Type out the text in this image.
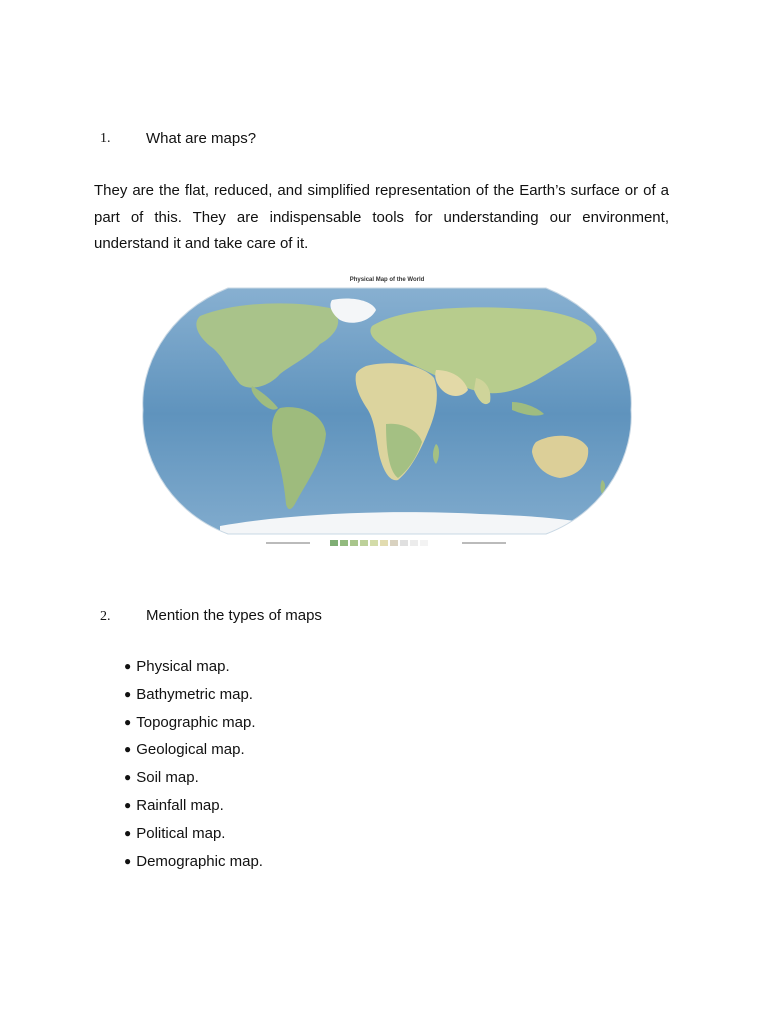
1. What are maps?
They are the flat, reduced, and simplified representation of the Earth’s surface or of a part of this. They are indispensable tools for understanding our environment, understand it and take care of it.
Physical Map of the World
2. Mention the types of maps
● Physical map.
● Bathymetric map.
● Topographic map.
● Geological map.
● Soil map.
● Rainfall map.
● Political map.
● Demographic map.
